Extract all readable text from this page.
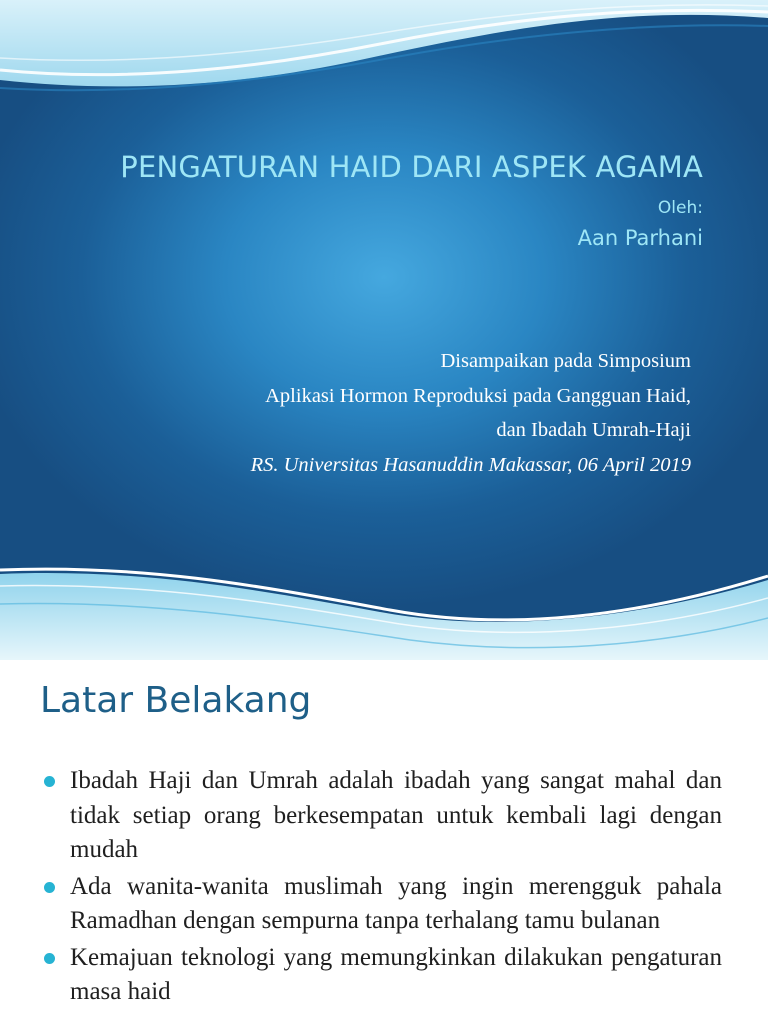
PENGATURAN HAID DARI ASPEK AGAMA
Oleh:
Aan Parhani
Disampaikan pada Simposium
Aplikasi Hormon Reproduksi pada Gangguan Haid,
dan Ibadah Umrah-Haji
RS. Universitas Hasanuddin Makassar, 06 April 2019
Latar Belakang
Ibadah Haji dan Umrah adalah ibadah yang sangat mahal dan tidak setiap orang berkesempatan untuk kembali lagi dengan mudah
Ada wanita-wanita muslimah yang ingin merengguk pahala Ramadhan dengan sempurna tanpa terhalang tamu bulanan
Kemajuan teknologi yang memungkinkan dilakukan pengaturan masa haid
